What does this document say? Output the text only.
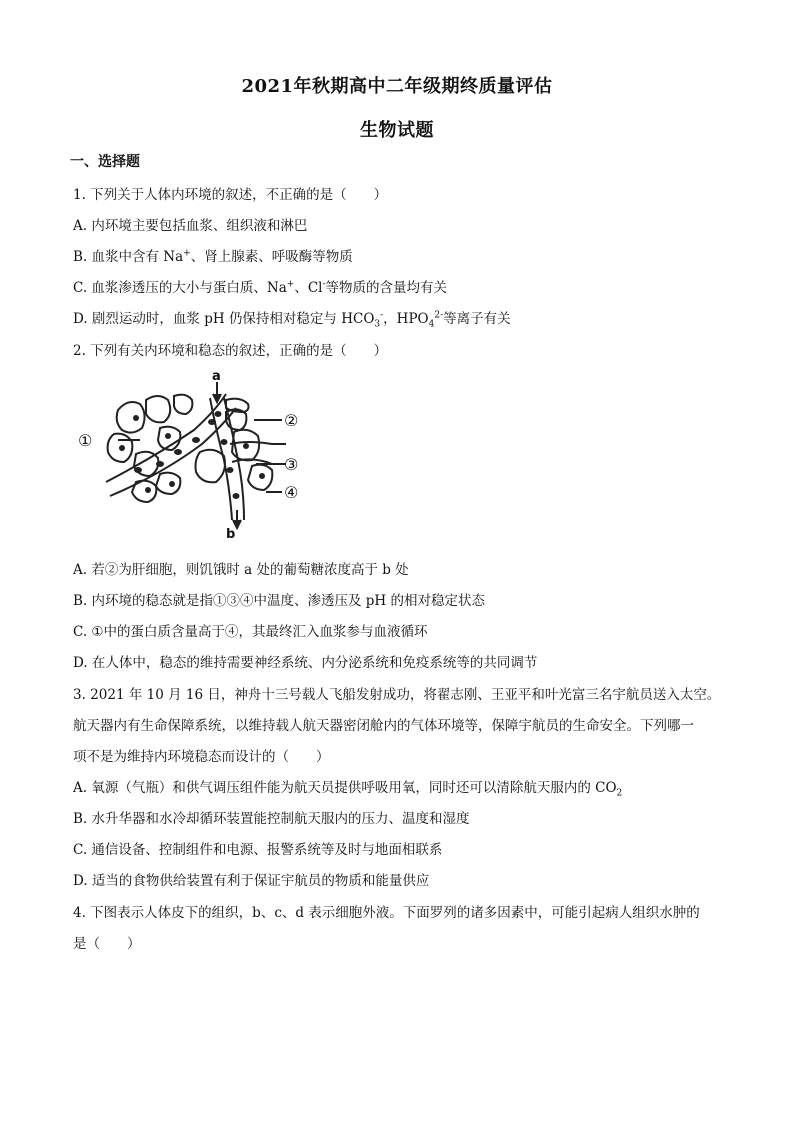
2021年秋期高中二年级期终质量评估
生物试题
一、选择题
1. 下列关于人体内环境的叙述，不正确的是（　　）
A. 内环境主要包括血浆、组织液和淋巴
B. 血浆中含有 Na+、肾上腺素、呼吸酶等物质
C. 血浆渗透压的大小与蛋白质、Na+、Cl-等物质的含量均有关
D. 剧烈运动时，血浆 pH 仍保持相对稳定与 $HCO_3^-$，$HPO_4^{2-}$等离子有关
2. 下列有关内环境和稳态的叙述，正确的是（　　）
①
②
③
④
a
b
A. 若②为肝细胞，则饥饿时 a 处的葡萄糖浓度高于 b 处
B. 内环境的稳态就是指①③④中温度、渗透压及 pH 的相对稳定状态
C. ①中的蛋白质含量高于④，其最终汇入血浆参与血液循环
D. 在人体中，稳态的维持需要神经系统、内分泌系统和免疫系统等的共同调节
3. 2021 年 10 月 16 日，神舟十三号载人飞船发射成功，将翟志刚、王亚平和叶光富三名宇航员送入太空。
航天器内有生命保障系统，以维持载人航天器密闭舱内的气体环境等，保障宇航员的生命安全。下列哪一
项不是为维持内环境稳态而设计的（　　）
A. 氧源（气瓶）和供气调压组件能为航天员提供呼吸用氧，同时还可以清除航天服内的 $CO_2$
B. 水升华器和水冷却循环装置能控制航天服内的压力、温度和湿度
C. 通信设备、控制组件和电源、报警系统等及时与地面相联系
D. 适当的食物供给装置有利于保证宇航员的物质和能量供应
4. 下图表示人体皮下的组织，b、c、d 表示细胞外液。下面罗列的诸多因素中，可能引起病人组织水肿的
是（　　）
